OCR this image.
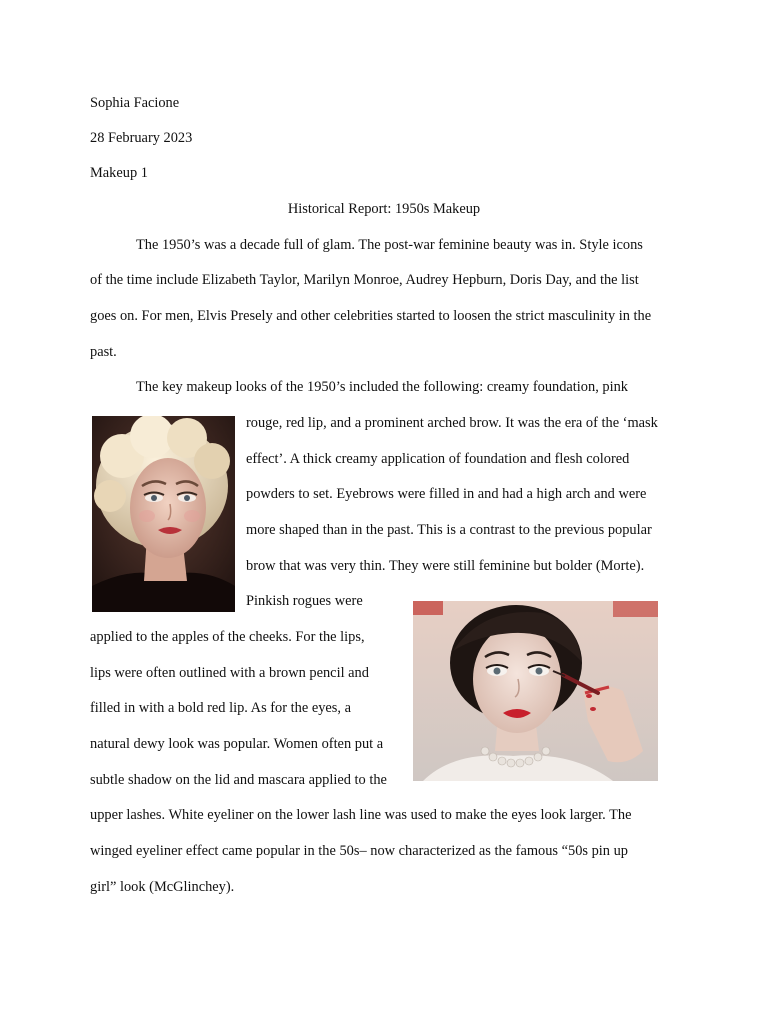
Sophia Facione
28 February 2023
Makeup 1
Historical Report: 1950s Makeup
The 1950’s was a decade full of glam. The post-war feminine beauty was in. Style icons
of the time include Elizabeth Taylor, Marilyn Monroe, Audrey Hepburn, Doris Day, and the list
goes on. For men, Elvis Presely and other celebrities started to loosen the strict masculinity in the
past.
The key makeup looks of the 1950’s included the following: creamy foundation, pink
rouge, red lip, and a prominent arched brow. It was the era of the ‘mask
effect’. A thick creamy application of foundation and flesh colored
powders to set. Eyebrows were filled in and had a high arch and were
more shaped than in the past. This is a contrast to the previous popular
brow that was very thin. They were still feminine but bolder (Morte).
Pinkish rogues were
applied to the apples of the cheeks. For the lips,
lips were often outlined with a brown pencil and
filled in with a bold red lip. As for the eyes, a
natural dewy look was popular. Women often put a
subtle shadow on the lid and mascara applied to the
upper lashes. White eyeliner on the lower lash line was used to make the eyes look larger. The
winged eyeliner effect came popular in the 50s– now characterized as the famous “50s pin up
girl” look (McGlinchey).
